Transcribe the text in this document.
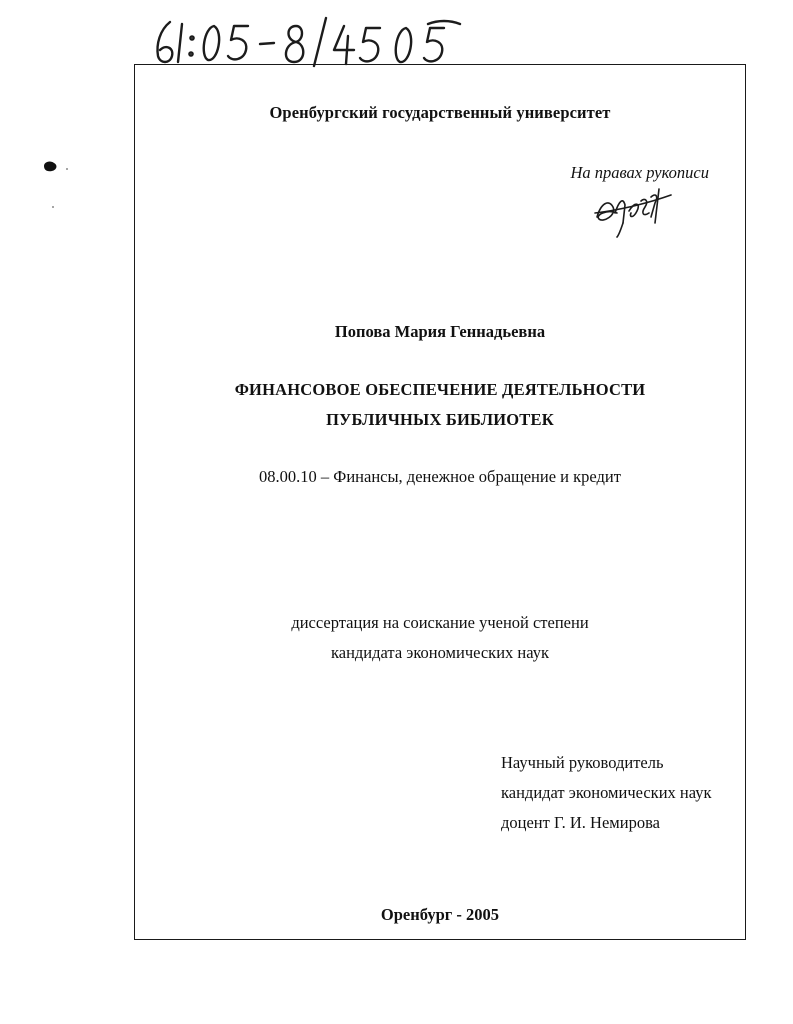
Оренбургский государственный университет
На правах рукописи
Попова Мария Геннадьевна
ФИНАНСОВОЕ ОБЕСПЕЧЕНИЕ ДЕЯТЕЛЬНОСТИ
ПУБЛИЧНЫХ БИБЛИОТЕК
08.00.10 – Финансы, денежное обращение и кредит
диссертация на соискание ученой степени
кандидата экономических наук
Научный руководитель
кандидат экономических наук
доцент Г. И. Немирова
Оренбург - 2005
